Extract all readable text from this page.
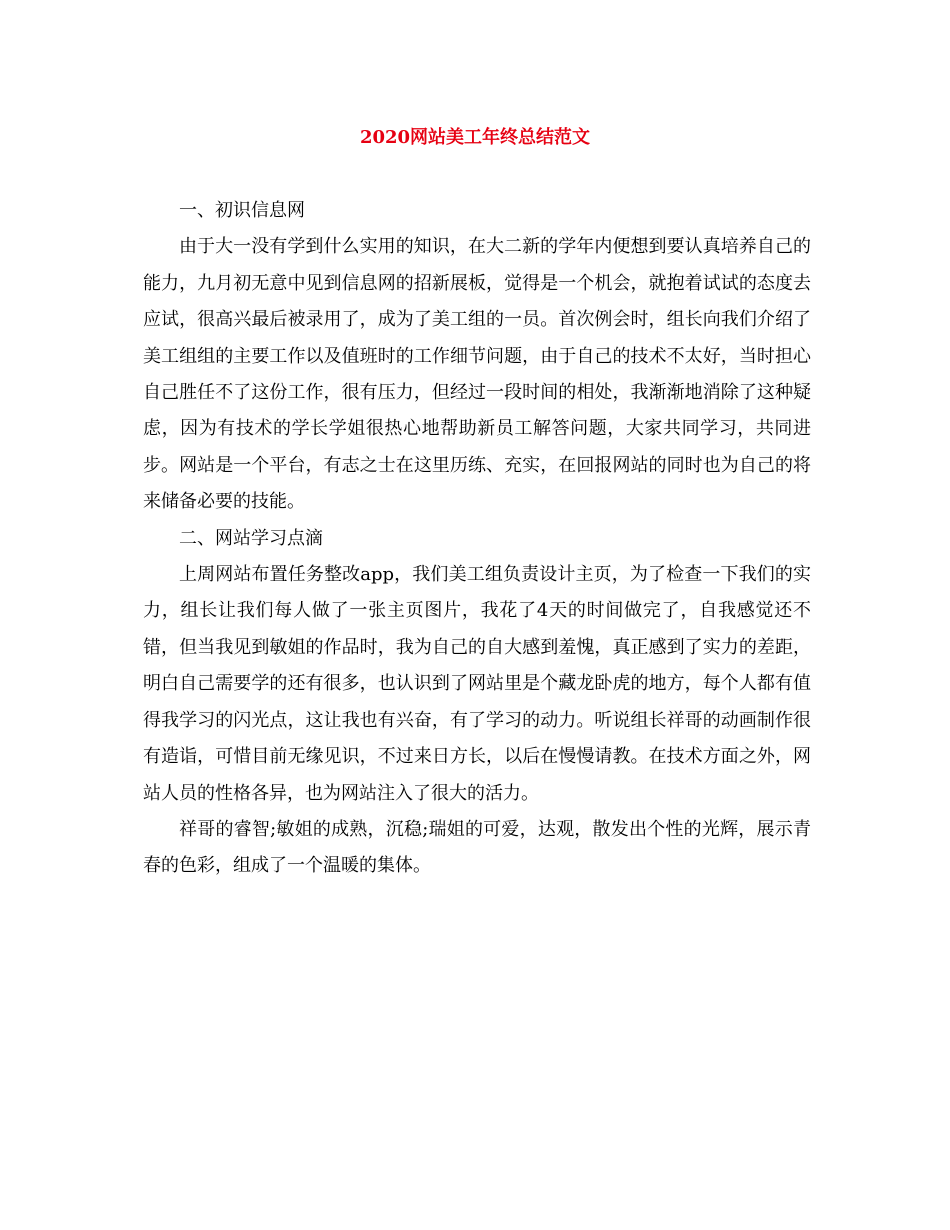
2020网站美工年终总结范文

一、初识信息网

由于大一没有学到什么实用的知识，在大二新的学年内便想到要认真培养自己的能力，九月初无意中见到信息网的招新展板，觉得是一个机会，就抱着试试的态度去应试，很高兴最后被录用了，成为了美工组的一员。首次例会时，组长向我们介绍了美工组组的主要工作以及值班时的工作细节问题，由于自己的技术不太好，当时担心自己胜任不了这份工作，很有压力，但经过一段时间的相处，我渐渐地消除了这种疑虑，因为有技术的学长学姐很热心地帮助新员工解答问题，大家共同学习，共同进步。网站是一个平台，有志之士在这里历练、充实，在回报网站的同时也为自己的将来储备必要的技能。

二、网站学习点滴

上周网站布置任务整改app，我们美工组负责设计主页，为了检查一下我们的实力，组长让我们每人做了一张主页图片，我花了4天的时间做完了，自我感觉还不错，但当我见到敏姐的作品时，我为自己的自大感到羞愧，真正感到了实力的差距，明白自己需要学的还有很多，也认识到了网站里是个藏龙卧虎的地方，每个人都有值得我学习的闪光点，这让我也有兴奋，有了学习的动力。听说组长祥哥的动画制作很有造诣，可惜目前无缘见识，不过来日方长，以后在慢慢请教。在技术方面之外，网站人员的性格各异，也为网站注入了很大的活力。

祥哥的睿智;敏姐的成熟，沉稳;瑞姐的可爱，达观，散发出个性的光辉，展示青春的色彩，组成了一个温暖的集体。
